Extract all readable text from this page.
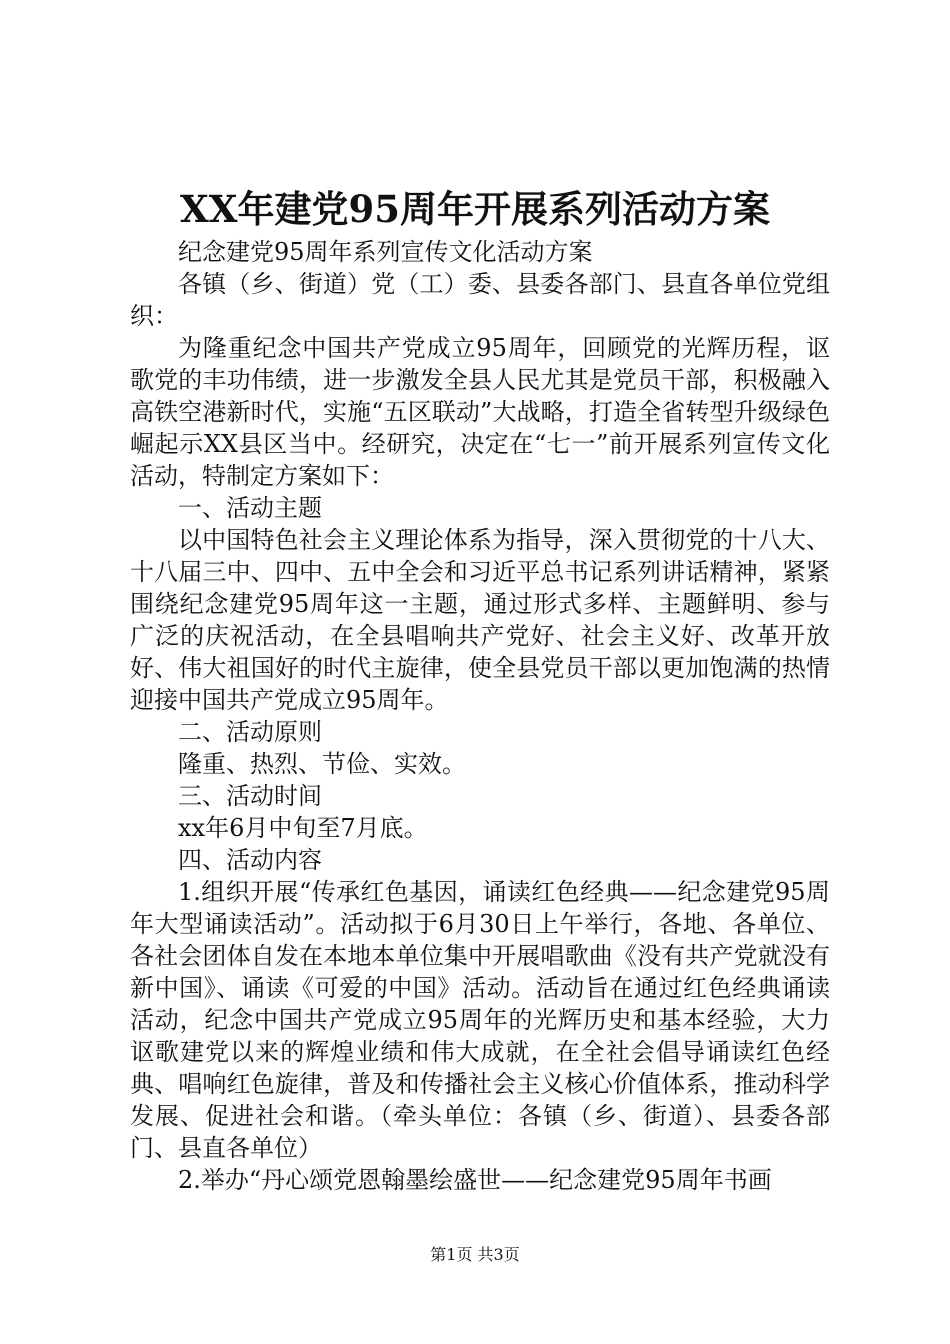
XX年建党95周年开展系列活动方案

纪念建党95周年系列宣传文化活动方案

各镇（乡、街道）党（工）委、县委各部门、县直各单位党组织：

为隆重纪念中国共产党成立95周年，回顾党的光辉历程，讴歌党的丰功伟绩，进一步激发全县人民尤其是党员干部，积极融入高铁空港新时代，实施“五区联动”大战略，打造全省转型升级绿色崛起示XX县区当中。经研究，决定在“七一”前开展系列宣传文化活动，特制定方案如下：

一、活动主题

以中国特色社会主义理论体系为指导，深入贯彻党的十八大、十八届三中、四中、五中全会和习近平总书记系列讲话精神，紧紧围绕纪念建党95周年这一主题，通过形式多样、主题鲜明、参与广泛的庆祝活动，在全县唱响共产党好、社会主义好、改革开放好、伟大祖国好的时代主旋律，使全县党员干部以更加饱满的热情迎接中国共产党成立95周年。

二、活动原则

隆重、热烈、节俭、实效。

三、活动时间

xx年6月中旬至7月底。

四、活动内容

1.组织开展“传承红色基因，诵读红色经典——纪念建党95周年大型诵读活动”。活动拟于6月30日上午举行，各地、各单位、各社会团体自发在本地本单位集中开展唱歌曲《没有共产党就没有新中国》、诵读《可爱的中国》活动。活动旨在通过红色经典诵读活动，纪念中国共产党成立95周年的光辉历史和基本经验，大力讴歌建党以来的辉煌业绩和伟大成就，在全社会倡导诵读红色经典、唱响红色旋律，普及和传播社会主义核心价值体系，推动科学发展、促进社会和谐。（牵头单位：各镇（乡、街道）、县委各部门、县直各单位）

2.举办“丹心颂党恩翰墨绘盛世——纪念建党95周年书画

第1页 共3页
